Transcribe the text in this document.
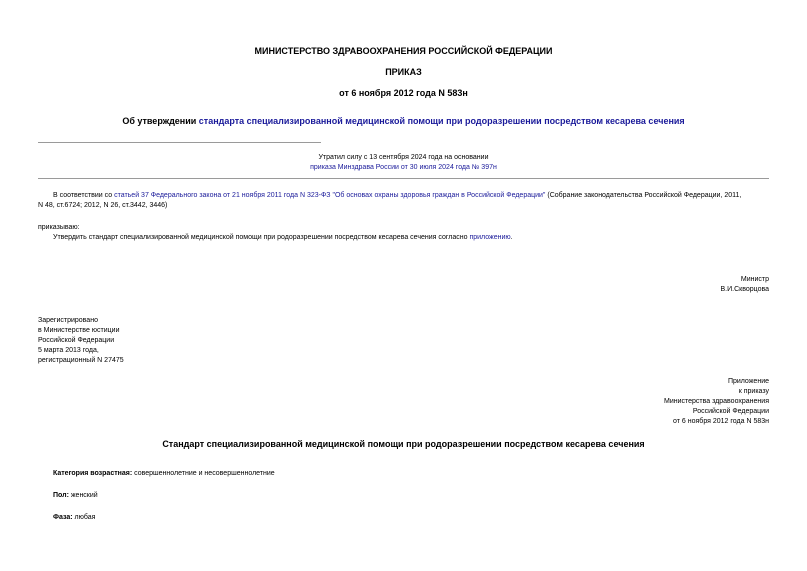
МИНИСТЕРСТВО ЗДРАВООХРАНЕНИЯ РОССИЙСКОЙ ФЕДЕРАЦИИ
ПРИКАЗ
от 6 ноября 2012 года N 583н
Об утверждении стандарта специализированной медицинской помощи при родоразрешении посредством кесарева сечения
Утратил силу с 13 сентября 2024 года на основании
приказа Минздрава России от 30 июля 2024 года № 397н

В соответствии со статьей 37 Федерального закона от 21 ноября 2011 года N 323-ФЗ "Об основах охраны здоровья граждан в Российской Федерации" (Собрание законодательства Российской Федерации, 2011,

N 48, ст.6724; 2012, N 26, ст.3442, 3446)

приказываю:
Утвердить стандарт специализированной медицинской помощи при родоразрешении посредством кесарева сечения согласно приложению.
Министр
В.И.Скворцова
Зарегистрировано
в Министерстве юстиции
Российской Федерации
5 марта 2013 года,
регистрационный N 27475
Приложение
к приказу
Министерства здравоохранения
Российской Федерации
от 6 ноября 2012 года N 583н
Стандарт специализированной медицинской помощи при родоразрешении посредством кесарева сечения
Категория возрастная: совершеннолетние и несовершеннолетние
Пол: женский
Фаза: любая
